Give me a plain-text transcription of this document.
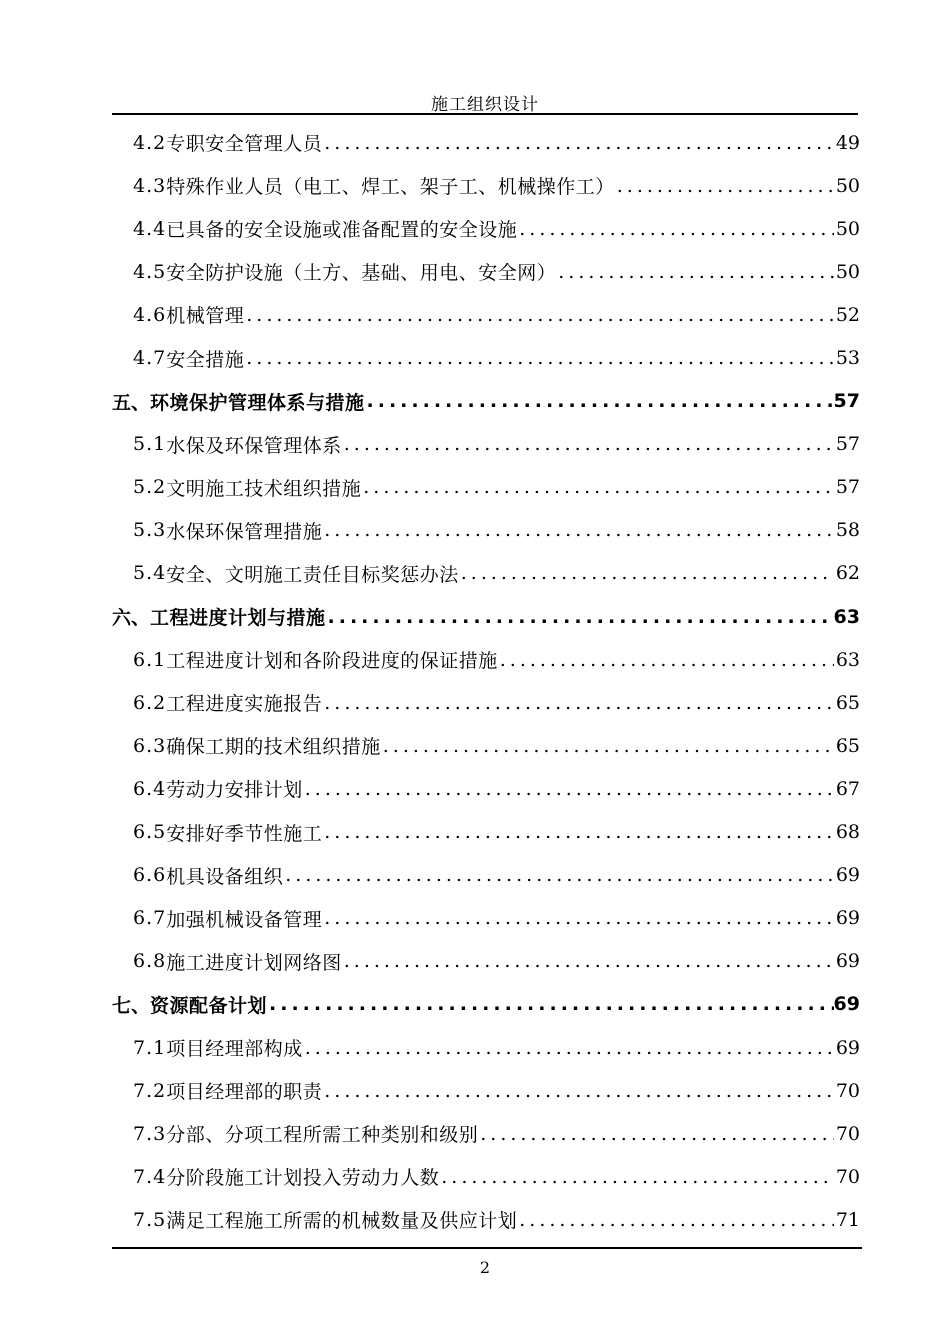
施工组织设计
4.2 专职安全管理人员 .....	49
4.3 特殊作业人员（电工、焊工、架子工、机械操作工） .....	50
4.4 已具备的安全设施或准备配置的安全设施 .....	50
4.5 安全防护设施（土方、基础、用电、安全网） .....	50
4.6 机械管理 .....	52
4.7 安全措施 .....	53
五、 环境保护管理体系与措施 .....	57
5.1 水保及环保管理体系 .....	57
5.2 文明施工技术组织措施 .....	57
5.3 水保环保管理措施 .....	58
5.4 安全、文明施工责任目标奖惩办法 .....	62
六、 工程进度计划与措施 .....	63
6.1 工程进度计划和各阶段进度的保证措施 .....	63
6.2 工程进度实施报告 .....	65
6.3 确保工期的技术组织措施 .....	65
6.4 劳动力安排计划 .....	67
6.5 安排好季节性施工 .....	68
6.6 机具设备组织 .....	69
6.7 加强机械设备管理 .....	69
6.8 施工进度计划网络图 .....	69
七、 资源配备计划 .....	69
7.1 项目经理部构成 .....	69
7.2 项目经理部的职责 .....	70
7.3 分部、分项工程所需工种类别和级别 .....	70
7.4 分阶段施工计划投入劳动力人数 .....	70
7.5 满足工程施工所需的机械数量及供应计划 .....	71
2
